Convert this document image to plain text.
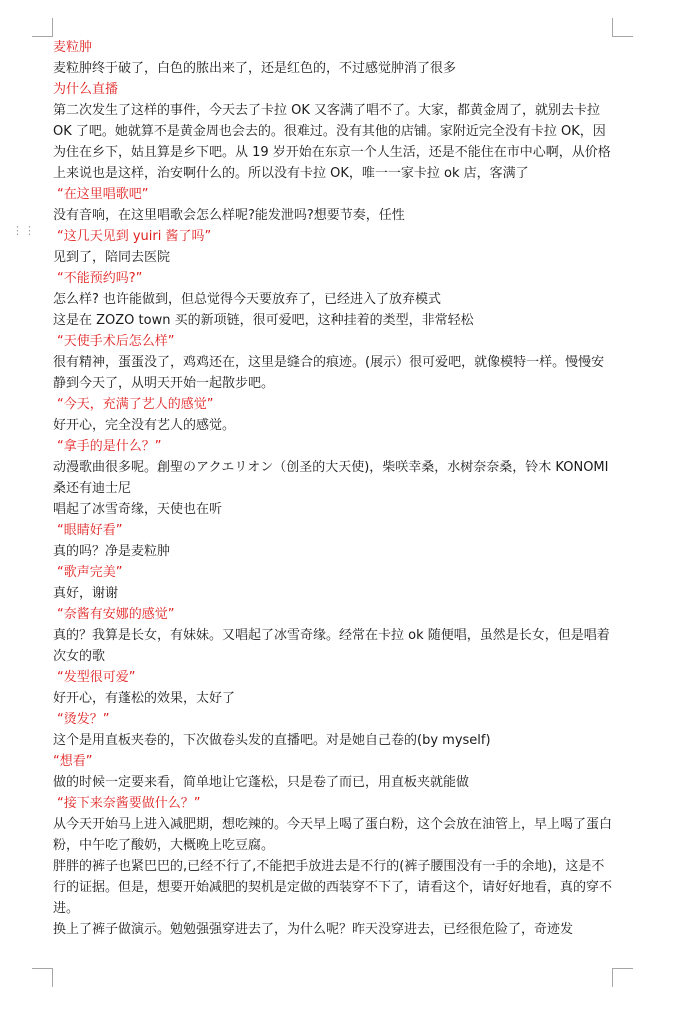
⋮⋮

麦粒肿

麦粒肿终于破了，白色的脓出来了，还是红色的，不过感觉肿消了很多

为什么直播

第二次发生了这样的事件，今天去了卡拉 OK 又客满了唱不了。大家，都黄金周了，就别去卡拉 OK 了吧。她就算不是黄金周也会去的。很难过。没有其他的店铺。家附近完全没有卡拉 OK，因为住在乡下，姑且算是乡下吧。从 19 岁开始在东京一个人生活，还是不能住在市中心啊，从价格上来说也是这样，治安啊什么的。所以没有卡拉 OK，唯一一家卡拉 ok 店，客满了

“在这里唱歌吧”

没有音响，在这里唱歌会怎么样呢?能发泄吗?想要节奏，任性

“这几天见到 yuiri 酱了吗”

见到了，陪同去医院

“不能预约吗?”

怎么样? 也许能做到，但总觉得今天要放弃了，已经进入了放弃模式

这是在 ZOZO town 买的新项链，很可爱吧，这种挂着的类型，非常轻松

“天使手术后怎么样”

很有精神，蛋蛋没了，鸡鸡还在，这里是缝合的痕迹。(展示）很可爱吧，就像模特一样。慢慢安静到今天了，从明天开始一起散步吧。

“今天，充满了艺人的感觉”

好开心，完全没有艺人的感觉。

“拿手的是什么？”

动漫歌曲很多呢。創聖のアクエリオン（创圣的大天使)，柴咲幸桑，水树奈奈桑，铃木 KONOMI 桑还有迪士尼

唱起了冰雪奇缘，天使也在听

“眼睛好看”

真的吗？净是麦粒肿

“歌声完美”

真好，谢谢

“奈酱有安娜的感觉”

真的？我算是长女，有妹妹。又唱起了冰雪奇缘。经常在卡拉 ok 随便唱，虽然是长女，但是唱着次女的歌

“发型很可爱”

好开心，有蓬松的效果，太好了

“烫发？”

这个是用直板夹卷的，下次做卷头发的直播吧。对是她自己卷的(by myself)

“想看”

做的时候一定要来看，简单地让它蓬松，只是卷了而已，用直板夹就能做

“接下来奈酱要做什么？”

从今天开始马上进入减肥期，想吃辣的。今天早上喝了蛋白粉，这个会放在油管上，早上喝了蛋白粉，中午吃了酸奶，大概晚上吃豆腐。

胖胖的裤子也紧巴巴的,已经不行了,不能把手放进去是不行的(裤子腰围没有一手的余地)，这是不行的证据。但是，想要开始减肥的契机是定做的西装穿不下了，请看这个，请好好地看，真的穿不进。

换上了裤子做演示。勉勉强强穿进去了，为什么呢？昨天没穿进去，已经很危险了，奇迹发
